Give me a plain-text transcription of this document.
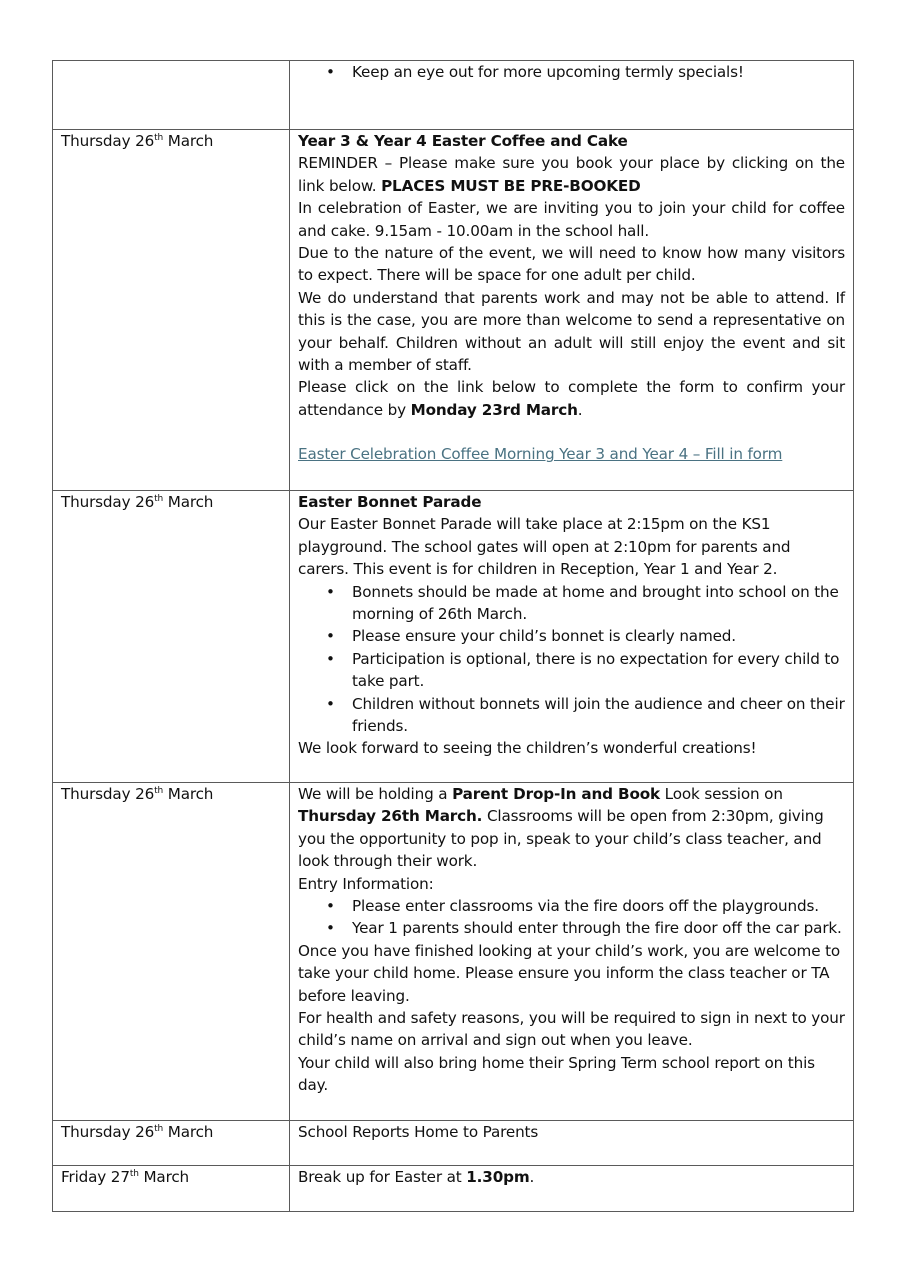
• Keep an eye out for more upcoming termly specials!

Thursday 26th March	Year 3 & Year 4 Easter Coffee and Cake
REMINDER – Please make sure you book your place by clicking on the link below. PLACES MUST BE PRE-BOOKED
In celebration of Easter, we are inviting you to join your child for coffee and cake. 9.15am - 10.00am in the school hall.
Due to the nature of the event, we will need to know how many visitors to expect. There will be space for one adult per child.
We do understand that parents work and may not be able to attend. If this is the case, you are more than welcome to send a representative on your behalf. Children without an adult will still enjoy the event and sit with a member of staff.
Please click on the link below to complete the form to confirm your attendance by Monday 23rd March.
Easter Celebration Coffee Morning Year 3 and Year 4 – Fill in form

Thursday 26th March	Easter Bonnet Parade
Our Easter Bonnet Parade will take place at 2:15pm on the KS1 playground. The school gates will open at 2:10pm for parents and carers. This event is for children in Reception, Year 1 and Year 2.
• Bonnets should be made at home and brought into school on the morning of 26th March.
• Please ensure your child’s bonnet is clearly named.
• Participation is optional, there is no expectation for every child to take part.
• Children without bonnets will join the audience and cheer on their friends.
We look forward to seeing the children’s wonderful creations!

Thursday 26th March	We will be holding a Parent Drop-In and Book Look session on Thursday 26th March. Classrooms will be open from 2:30pm, giving you the opportunity to pop in, speak to your child’s class teacher, and look through their work.
Entry Information:
• Please enter classrooms via the fire doors off the playgrounds.
• Year 1 parents should enter through the fire door off the car park.
Once you have finished looking at your child’s work, you are welcome to take your child home. Please ensure you inform the class teacher or TA before leaving.
For health and safety reasons, you will be required to sign in next to your child’s name on arrival and sign out when you leave.
Your child will also bring home their Spring Term school report on this day.

Thursday 26th March	School Reports Home to Parents

Friday 27th March	Break up for Easter at 1.30pm.
